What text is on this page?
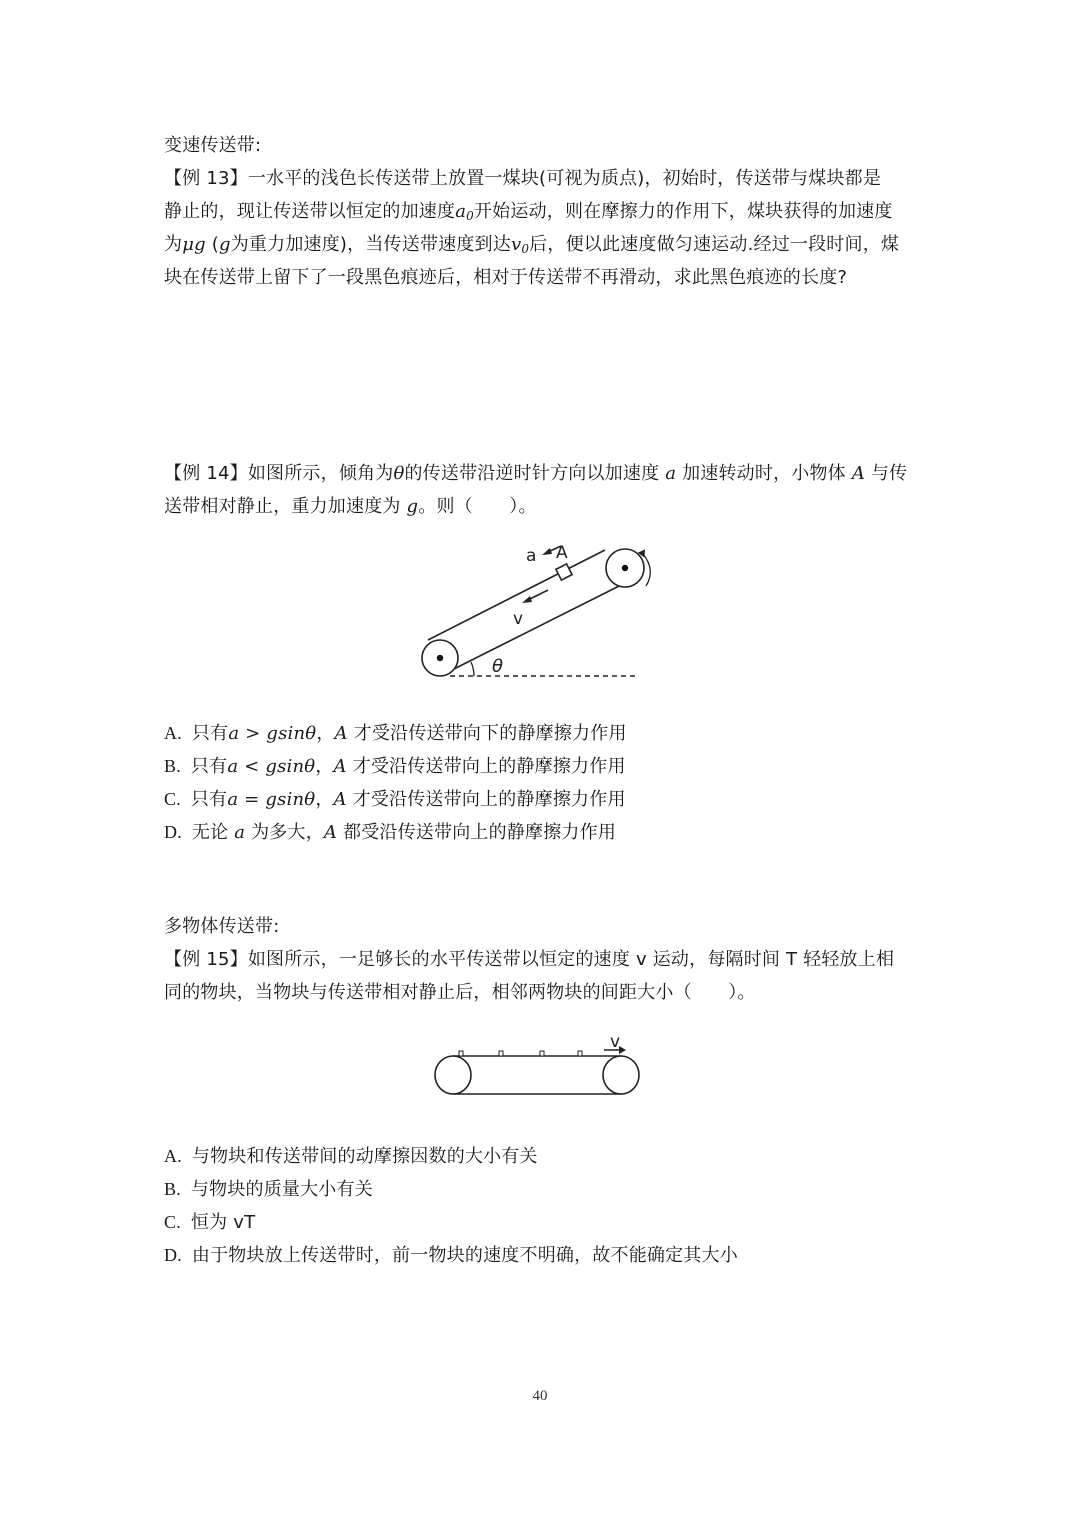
变速传送带:
【例 13】一水平的浅色长传送带上放置一煤块(可视为质点)，初始时，传送带与煤块都是
静止的，现让传送带以恒定的加速度$a_0$开始运动，则在摩擦力的作用下，煤块获得的加速度
为μg (g为重力加速度)，当传送带速度到达$v_0$后，便以此速度做匀速运动.经过一段时间，煤
块在传送带上留下了一段黑色痕迹后，相对于传送带不再滑动，求此黑色痕迹的长度?
【例 14】如图所示，倾角为θ的传送带沿逆时针方向以加速度 a 加速转动时，小物体 A 与传
送带相对静止，重力加速度为 g。则（　　）。
a A
v
θ
A. 只有a > gsinθ，A 才受沿传送带向下的静摩擦力作用
B. 只有a < gsinθ，A 才受沿传送带向上的静摩擦力作用
C. 只有a = gsinθ，A 才受沿传送带向上的静摩擦力作用
D. 无论 a 为多大，A 都受沿传送带向上的静摩擦力作用
多物体传送带:
【例 15】如图所示，一足够长的水平传送带以恒定的速度 v 运动，每隔时间 T 轻轻放上相
同的物块，当物块与传送带相对静止后，相邻两物块的间距大小（　　）。
v
A. 与物块和传送带间的动摩擦因数的大小有关
B. 与物块的质量大小有关
C. 恒为 vT
D. 由于物块放上传送带时，前一物块的速度不明确，故不能确定其大小
40
